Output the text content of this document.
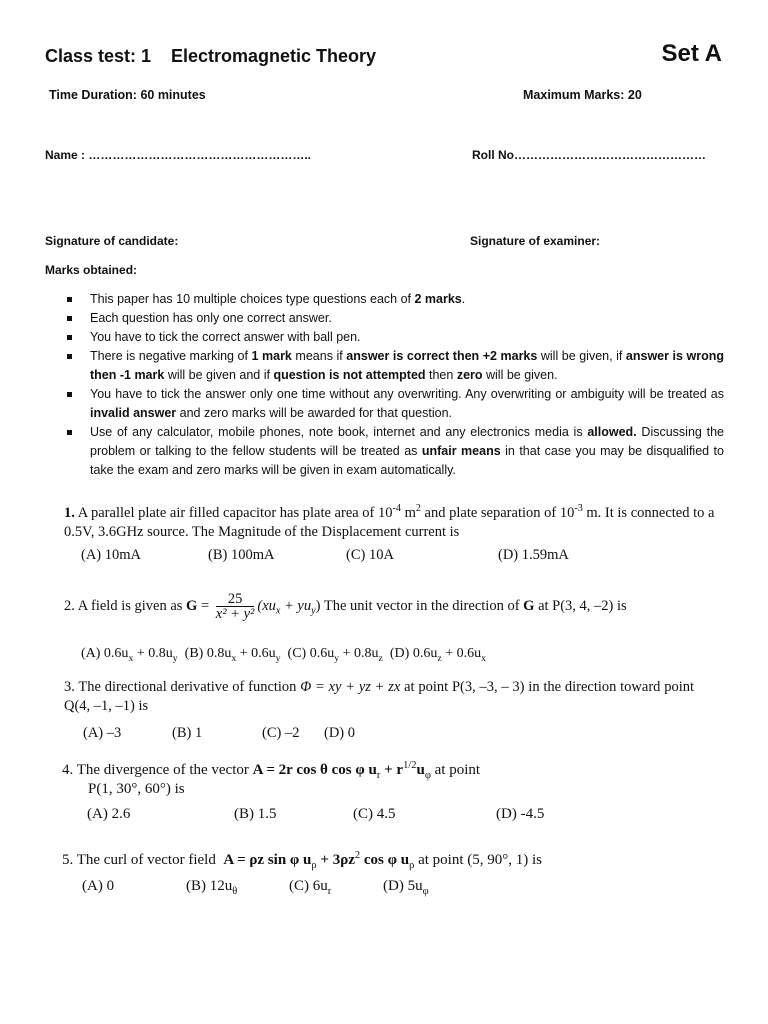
Class test: 1 Electromagnetic Theory	Set A
Time Duration: 60 minutes	Maximum Marks: 20
Name : ………………………………………………..	Roll No…………………………………………
Signature of candidate:	Signature of examiner:
Marks obtained:
This paper has 10 multiple choices type questions each of 2 marks.
Each question has only one correct answer.
You have to tick the correct answer with ball pen.
There is negative marking of 1 mark means if answer is correct then +2 marks will be given, if answer is wrong then -1 mark will be given and if question is not attempted then zero will be given.
You have to tick the answer only one time without any overwriting. Any overwriting or ambiguity will be treated as invalid answer and zero marks will be awarded for that question.
Use of any calculator, mobile phones, note book, internet and any electronics media is allowed. Discussing the problem or talking to the fellow students will be treated as unfair means in that case you may be disqualified to take the exam and zero marks will be given in exam automatically.
1. A parallel plate air filled capacitor has plate area of $10^{-4}$ $m^2$ and plate separation of $10^{-3}$ m. It is connected to a 0.5V, 3.6GHz source. The Magnitude of the Displacement current is
(A) 10mA	(B) 100mA	(C) 10A	(D) 1.59mA
2. A field is given as $G = \frac{25}{\text{x² + y²}} (xu_x + yu_y)$ The unit vector in the direction of G at P(3, 4, –2) is
(A) $0.6u_x + 0.8u_y$ (B) $0.8u_x + 0.6u_y$ (C) $0.6u_y + 0.8u_z$ (D) $0.6u_z + 0.6u_x$
3. The directional derivative of function Φ = xy + yz + zx at point P(3, –3, – 3) in the direction toward point Q(4, –1, –1) is
(A) –3	(B) 1	(C) –2 (D) 0
4. The divergence of the vector A = 2r cos θ cos φ $u_r + r^{1/2}u_\varphi$ at point
P(1, 30°, 60°) is
(A) 2.6	(B) 1.5	(C) 4.5	(D) -4.5
5. The curl of vector field A = ρz sin φ $u_\rho + 3\rho z^2$ cos φ $u_\rho$ at point (5, 90°, 1) is
(A) 0	(B) $12u_\theta$	(C) $6u_r$	(D) $5u_\varphi$
